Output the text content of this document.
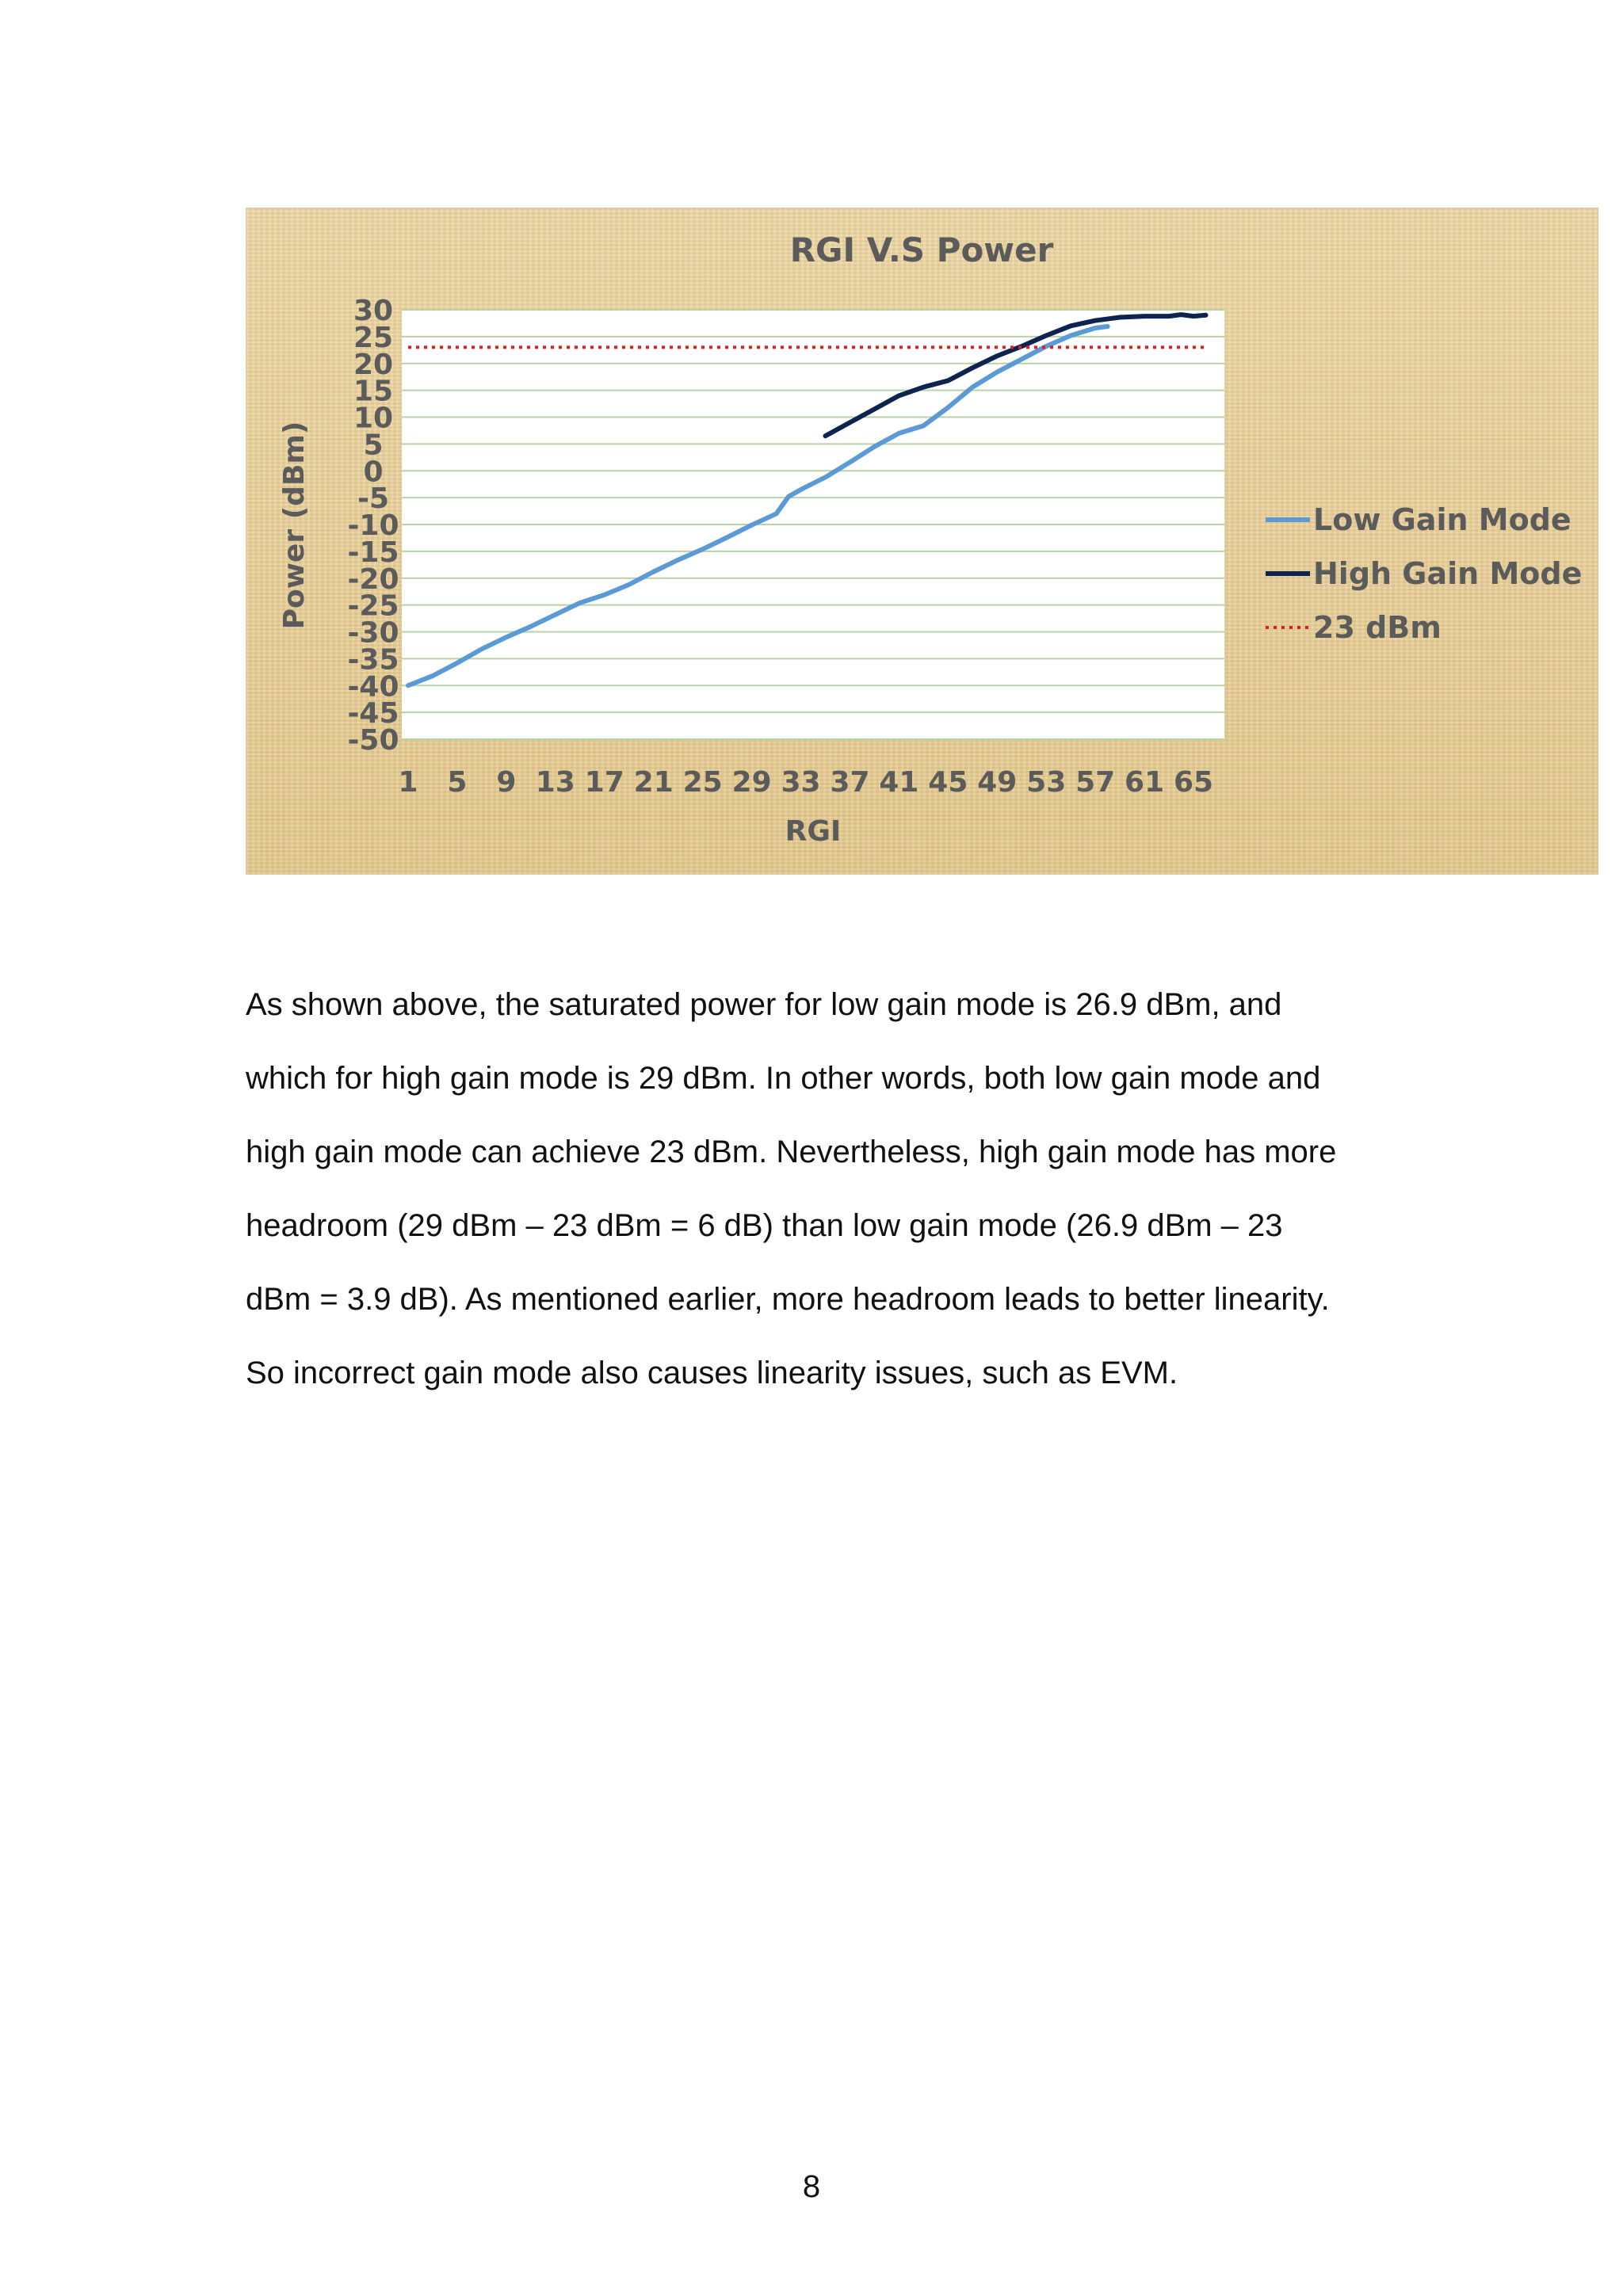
RGI V.S Power
30
25
20
15
10
5
0
-5
-10
-15
-20
-25
-30
-35
-40
-45
-50
1 5 9 13 17 21 25 29 33 37 41 45 49 53 57 61 65
Power (dBm)
RGI
Low Gain Mode
High Gain Mode
23 dBm

As shown above, the saturated power for low gain mode is 26.9 dBm, and

which for high gain mode is 29 dBm. In other words, both low gain mode and

high gain mode can achieve 23 dBm. Nevertheless, high gain mode has more

headroom (29 dBm – 23 dBm = 6 dB) than low gain mode (26.9 dBm – 23

dBm = 3.9 dB). As mentioned earlier, more headroom leads to better linearity.

So incorrect gain mode also causes linearity issues, such as EVM.

8
